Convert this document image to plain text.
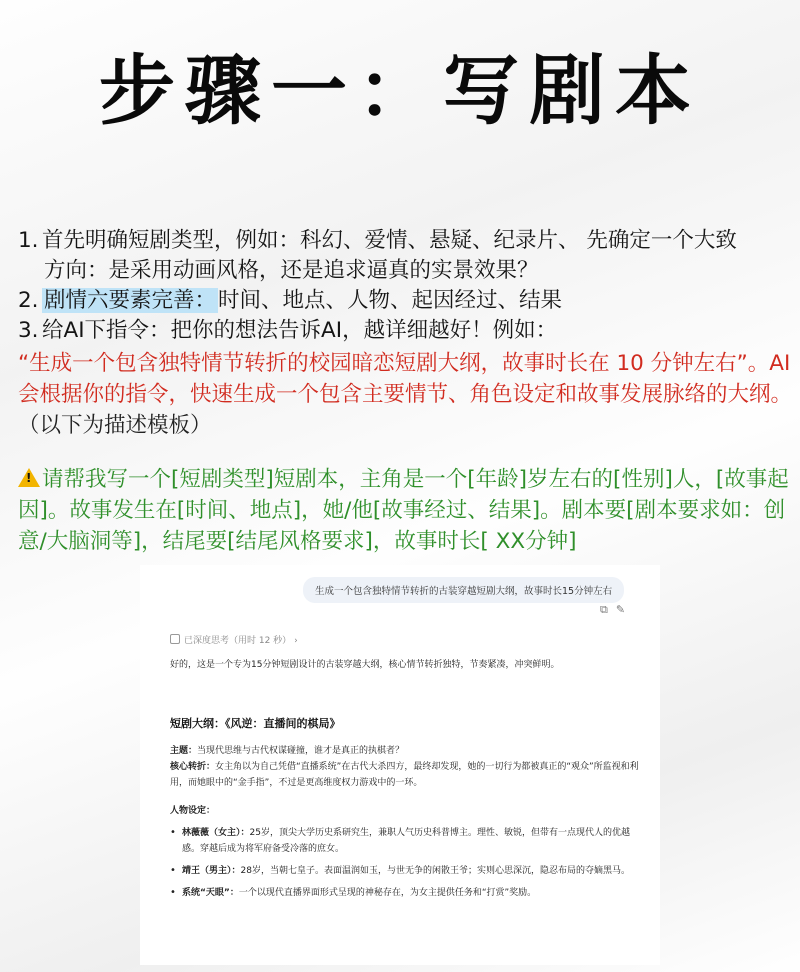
步骤一：写剧本

1. 首先明确短剧类型，例如：科幻、爱情、悬疑、纪录片、 先确定一个大致

方向：是采用动画风格，还是追求逼真的实景效果？

2. 剧情六要素完善：时间、地点、人物、起因经过、结果

3. 给AI下指令：把你的想法告诉AI，越详细越好！例如：

“生成一个包含独特情节转折的校园暗恋短剧大纲，故事时长在 10 分钟左右”。AI会根据你的指令，快速生成一个包含主要情节、角色设定和故事发展脉络的大纲。（以下为描述模板）
!请帮我写一个[短剧类型]短剧本，主角是一个[年龄]岁左右的[性别]人，[故事起因]。故事发生在[时间、地点]，她/他[故事经过、结果]。剧本要[剧本要求如：创意/大脑洞等]，结尾要[结尾风格要求]，故事时长[ XX分钟]
生成一个包含独特情节转折的古装穿越短剧大纲，故事时长15分钟左右
⧉ ✎
已深度思考（用时 12 秒） ›
好的，这是一个专为15分钟短剧设计的古装穿越大纲，核心情节转折独特，节奏紧凑，冲突鲜明。
短剧大纲：《风逆：直播间的棋局》
主题：当现代思维与古代权谋碰撞，谁才是真正的执棋者？
核心转折：女主角以为自己凭借“直播系统”在古代大杀四方，最终却发现，她的一切行为都被真正的“观众”所监视和利用，而她眼中的“金手指”，不过是更高维度权力游戏中的一环。
人物设定：
• 林薇薇（女主）：25岁，顶尖大学历史系研究生，兼职人气历史科普博主。理性、敏锐，但带有一点现代人的优越感。穿越后成为将军府备受冷落的庶女。
• 靖王（男主）：28岁，当朝七皇子。表面温润如玉，与世无争的闲散王爷；实则心思深沉，隐忍布局的夺嫡黑马。
• 系统“天眼”：一个以现代直播界面形式呈现的神秘存在，为女主提供任务和“打赏”奖励。
